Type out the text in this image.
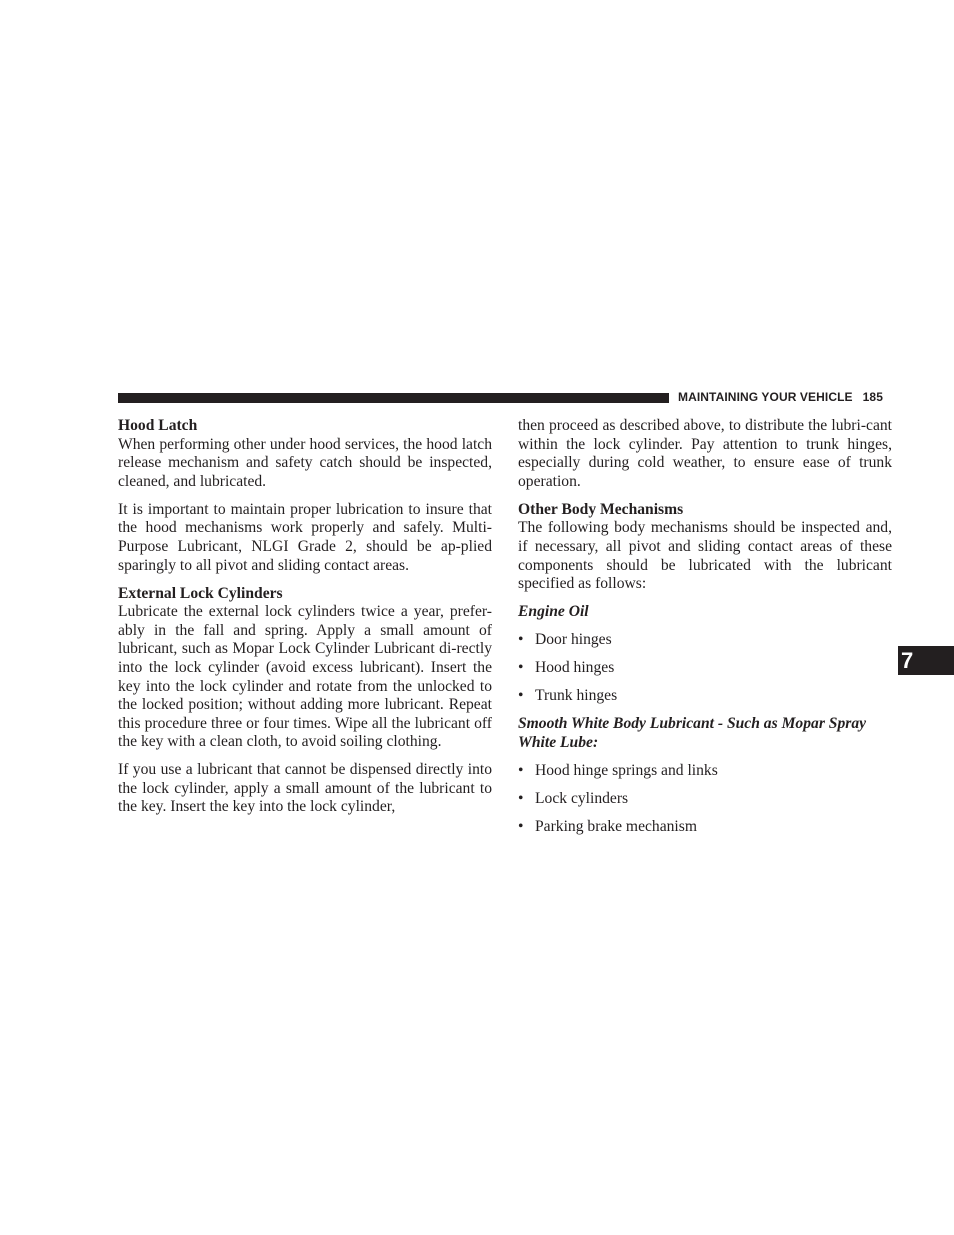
MAINTAINING YOUR VEHICLE 185
7
Hood Latch

When performing other under hood services, the hood latch release mechanism and safety catch should be inspected, cleaned, and lubricated.

It is important to maintain proper lubrication to insure that the hood mechanisms work properly and safely. Multi-Purpose Lubricant, NLGI Grade 2, should be ap-plied sparingly to all pivot and sliding contact areas.

External Lock Cylinders

Lubricate the external lock cylinders twice a year, prefer-ably in the fall and spring. Apply a small amount of lubricant, such as Mopar Lock Cylinder Lubricant di-rectly into the lock cylinder (avoid excess lubricant). Insert the key into the lock cylinder and rotate from the unlocked to the locked position; without adding more lubricant. Repeat this procedure three or four times. Wipe all the lubricant off the key with a clean cloth, to avoid soiling clothing.

If you use a lubricant that cannot be dispensed directly into the lock cylinder, apply a small amount of the lubricant to the key. Insert the key into the lock cylinder,

then proceed as described above, to distribute the lubri-cant within the lock cylinder. Pay attention to trunk hinges, especially during cold weather, to ensure ease of trunk operation.

Other Body Mechanisms

The following body mechanisms should be inspected and, if necessary, all pivot and sliding contact areas of these components should be lubricated with the lubricant specified as follows:

Engine Oil
• Door hinges
• Hood hinges
• Trunk hinges
Smooth White Body Lubricant - Such as Mopar Spray White Lube:
• Hood hinge springs and links
• Lock cylinders
• Parking brake mechanism
